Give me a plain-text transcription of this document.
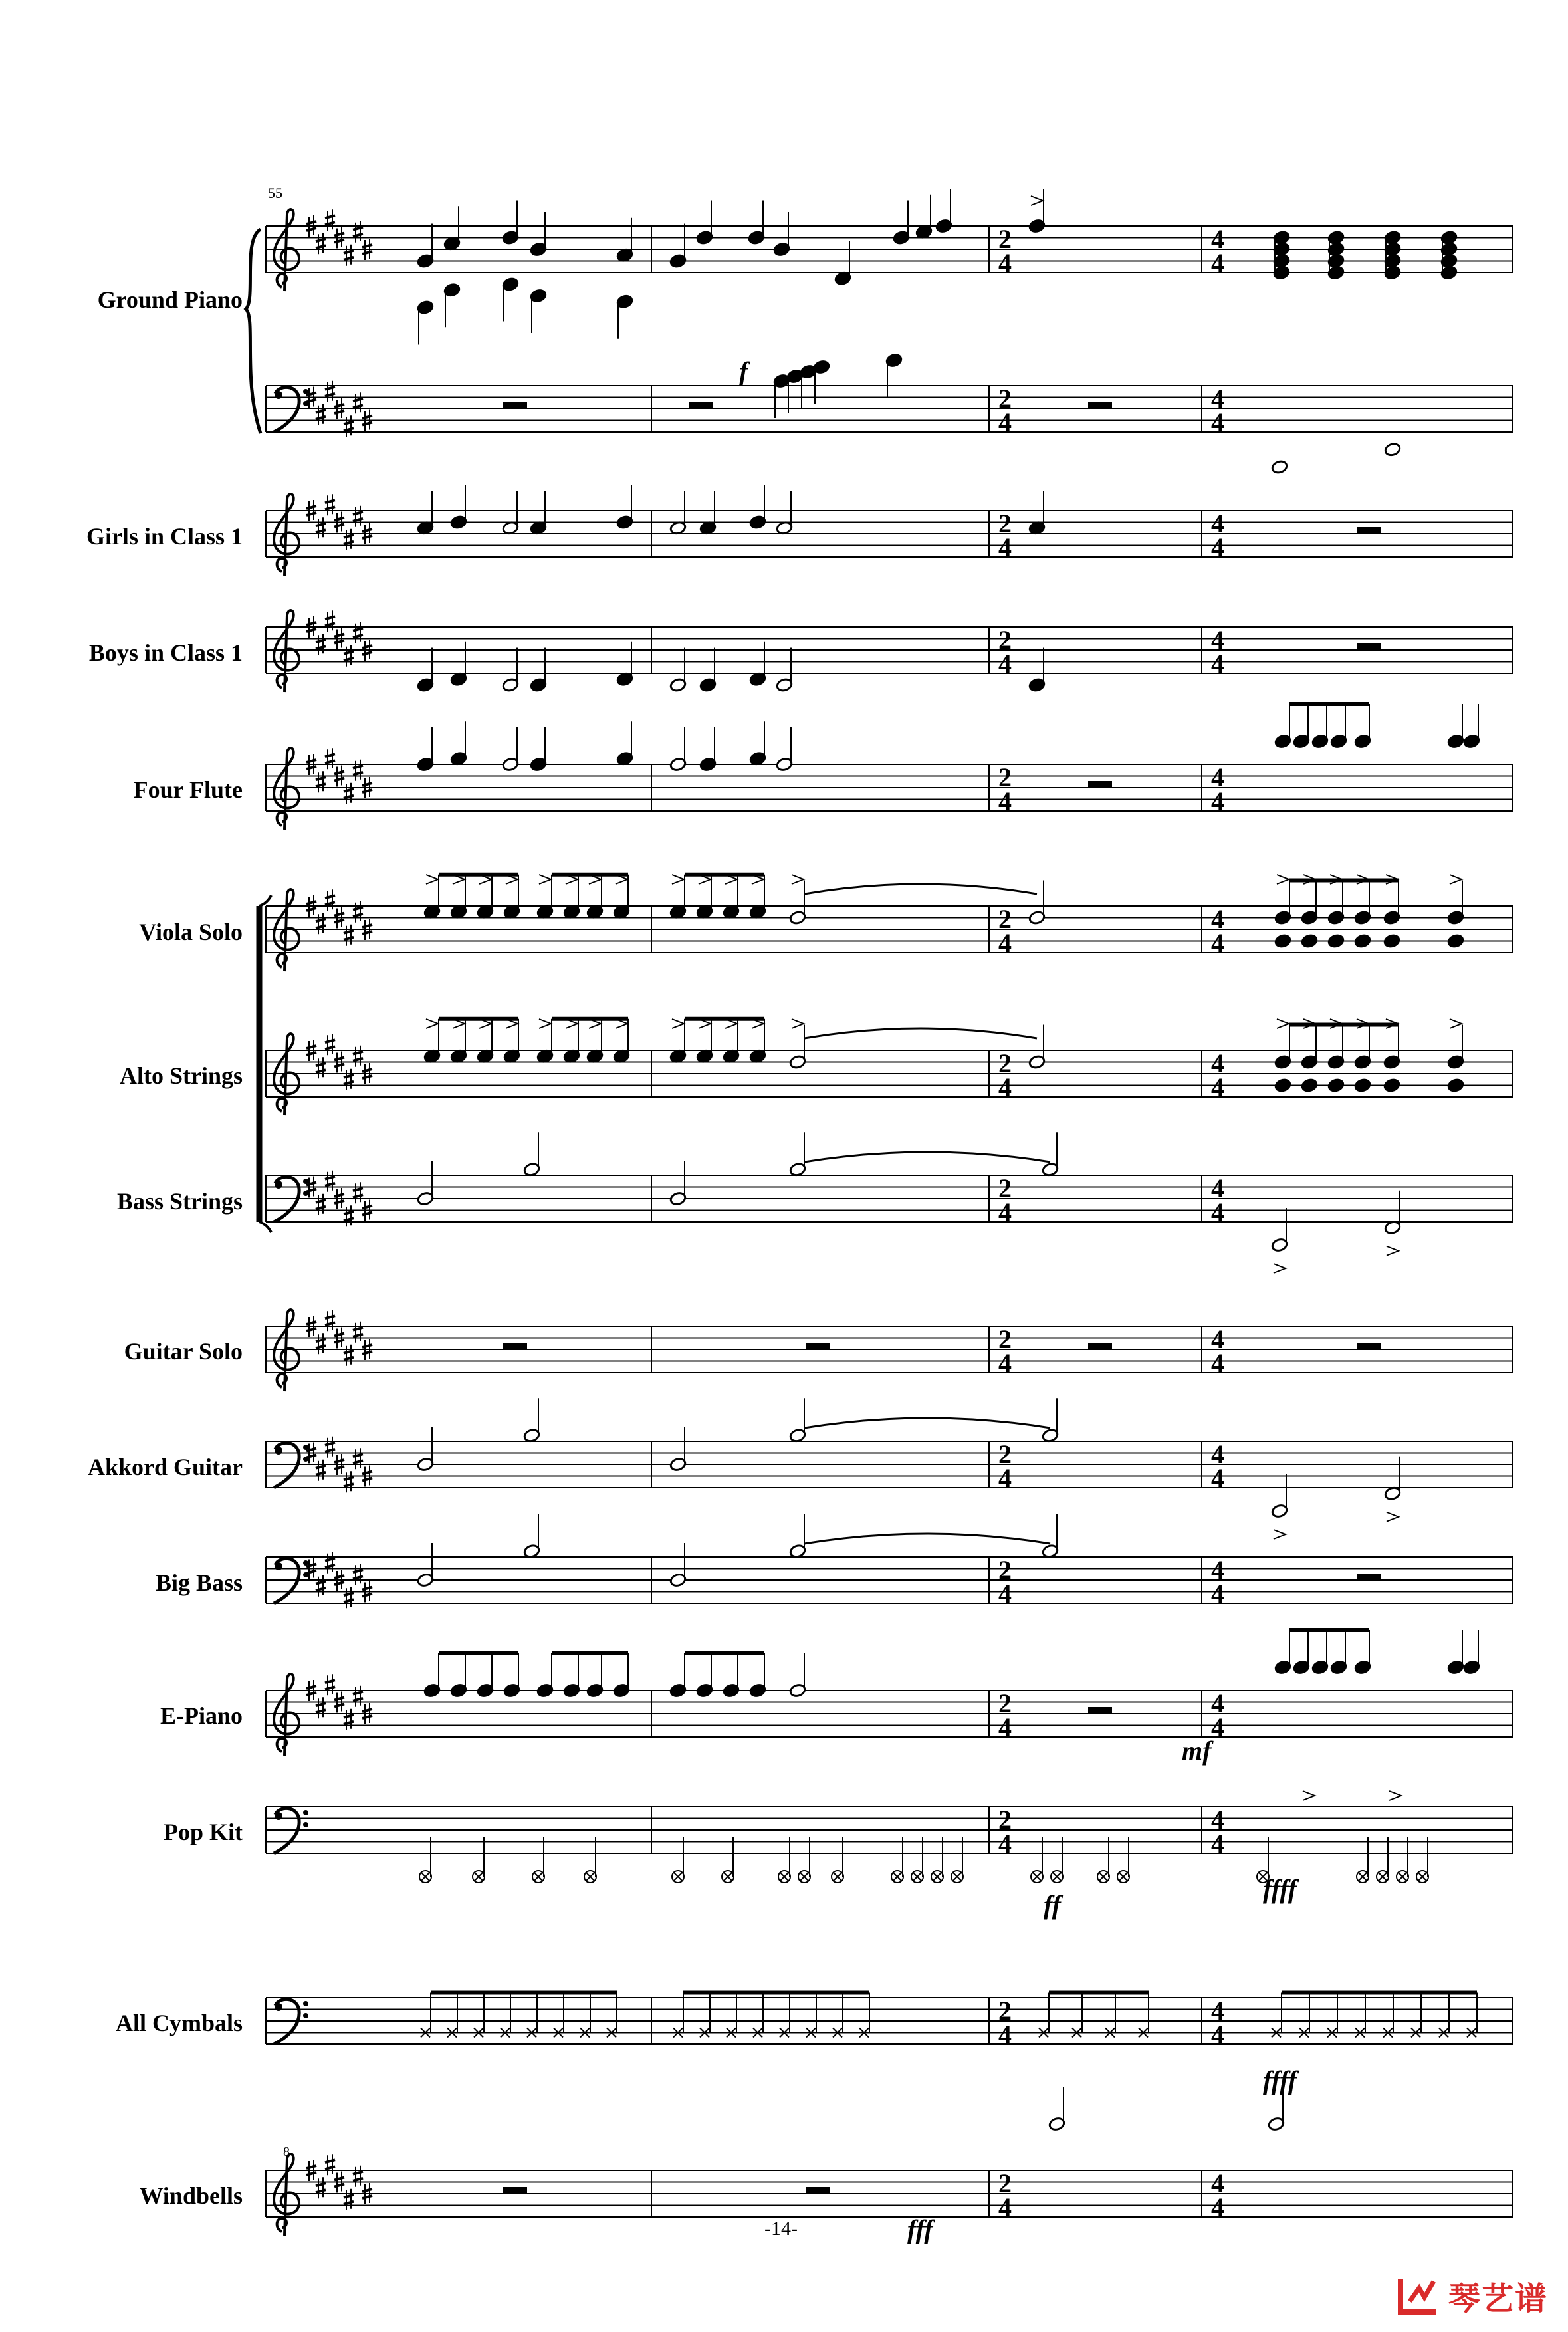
Ground Piano
Girls in Class 1
Boys in Class 1
Four Flute
Viola Solo
Alto Strings
Bass Strings
Guitar Solo
Akkord Guitar
Big Bass
E-Piano
Pop Kit
All Cymbals
Windbells
55
2
4
4
4
2
4
4
4
2
4
4
4
2
4
4
4
2
4
4
4
2
4
4
4
2
4
4
4
2
4
4
4
2
4
4
4
2
4
4
4
2
4
4
4
2
4
4
4
2
4
4
4
2
4
4
4
8
2
4
4
4
f
mf
ff
ffff
ffff
fff
-14-
琴艺谱
